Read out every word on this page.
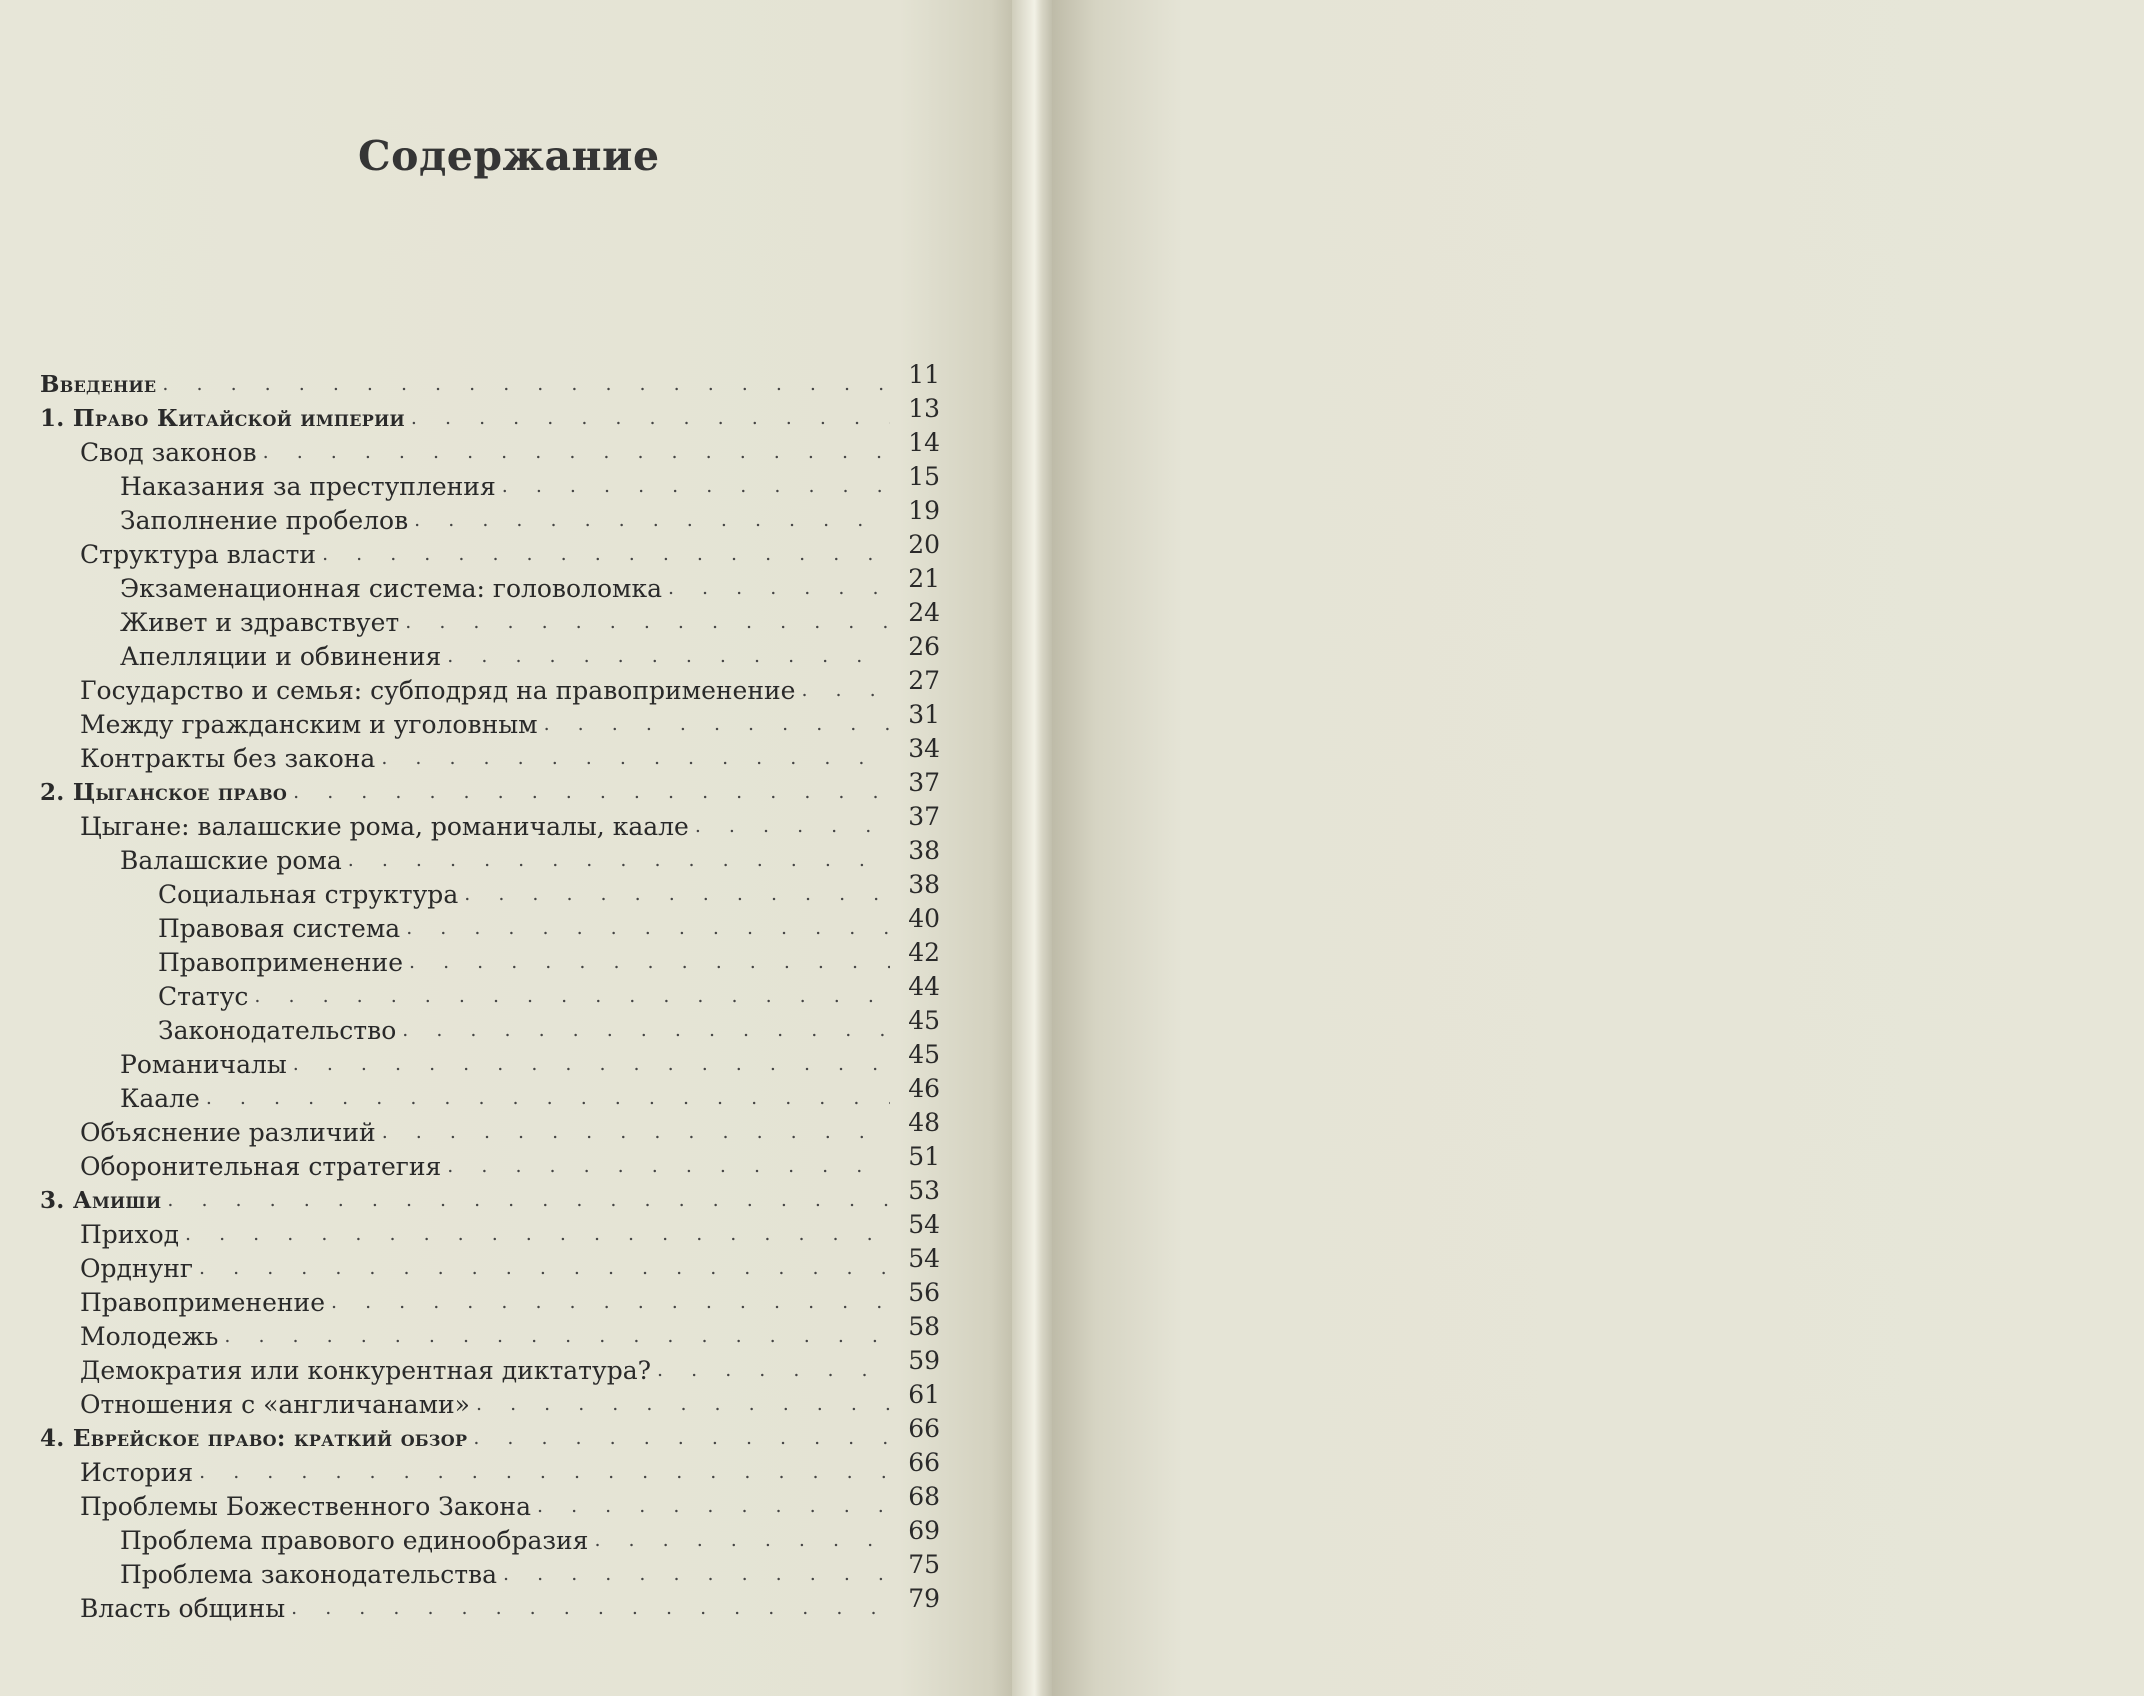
Содержание
Введение . . .	11
1. Право Китайской империи . . .	13
Свод законов . . .	14
Наказания за преступления . . .	15
Заполнение пробелов . . .	19
Структура власти . . .	20
Экзаменационная система: головоломка . . .	21
Живет и здравствует . . .	24
Апелляции и обвинения . . .	26
Государство и семья: субподряд на правоприменение . . .	27
Между гражданским и уголовным . . .	31
Контракты без закона . . .	34
2. Цыганское право . . .	37
Цыгане: валашские рома, романичалы, каале . . .	37
Валашские рома . . .	38
Социальная структура . . .	38
Правовая система . . .	40
Правоприменение . . .	42
Статус . . .	44
Законодательство . . .	45
Романичалы . . .	45
Каале . . .	46
Объяснение различий . . .	48
Оборонительная стратегия . . .	51
3. Амиши . . .	53
Приход . . .	54
Орднунг . . .	54
Правоприменение . . .	56
Молодежь . . .	58
Демократия или конкурентная диктатура? . . .	59
Отношения с «англичанами» . . .	61
4. Еврейское право: краткий обзор . . .	66
История . . .	66
Проблемы Божественного Закона . . .	68
Проблема правового единообразия . . .	69
Проблема законодательства . . .	75
Власть общины . . .	79
